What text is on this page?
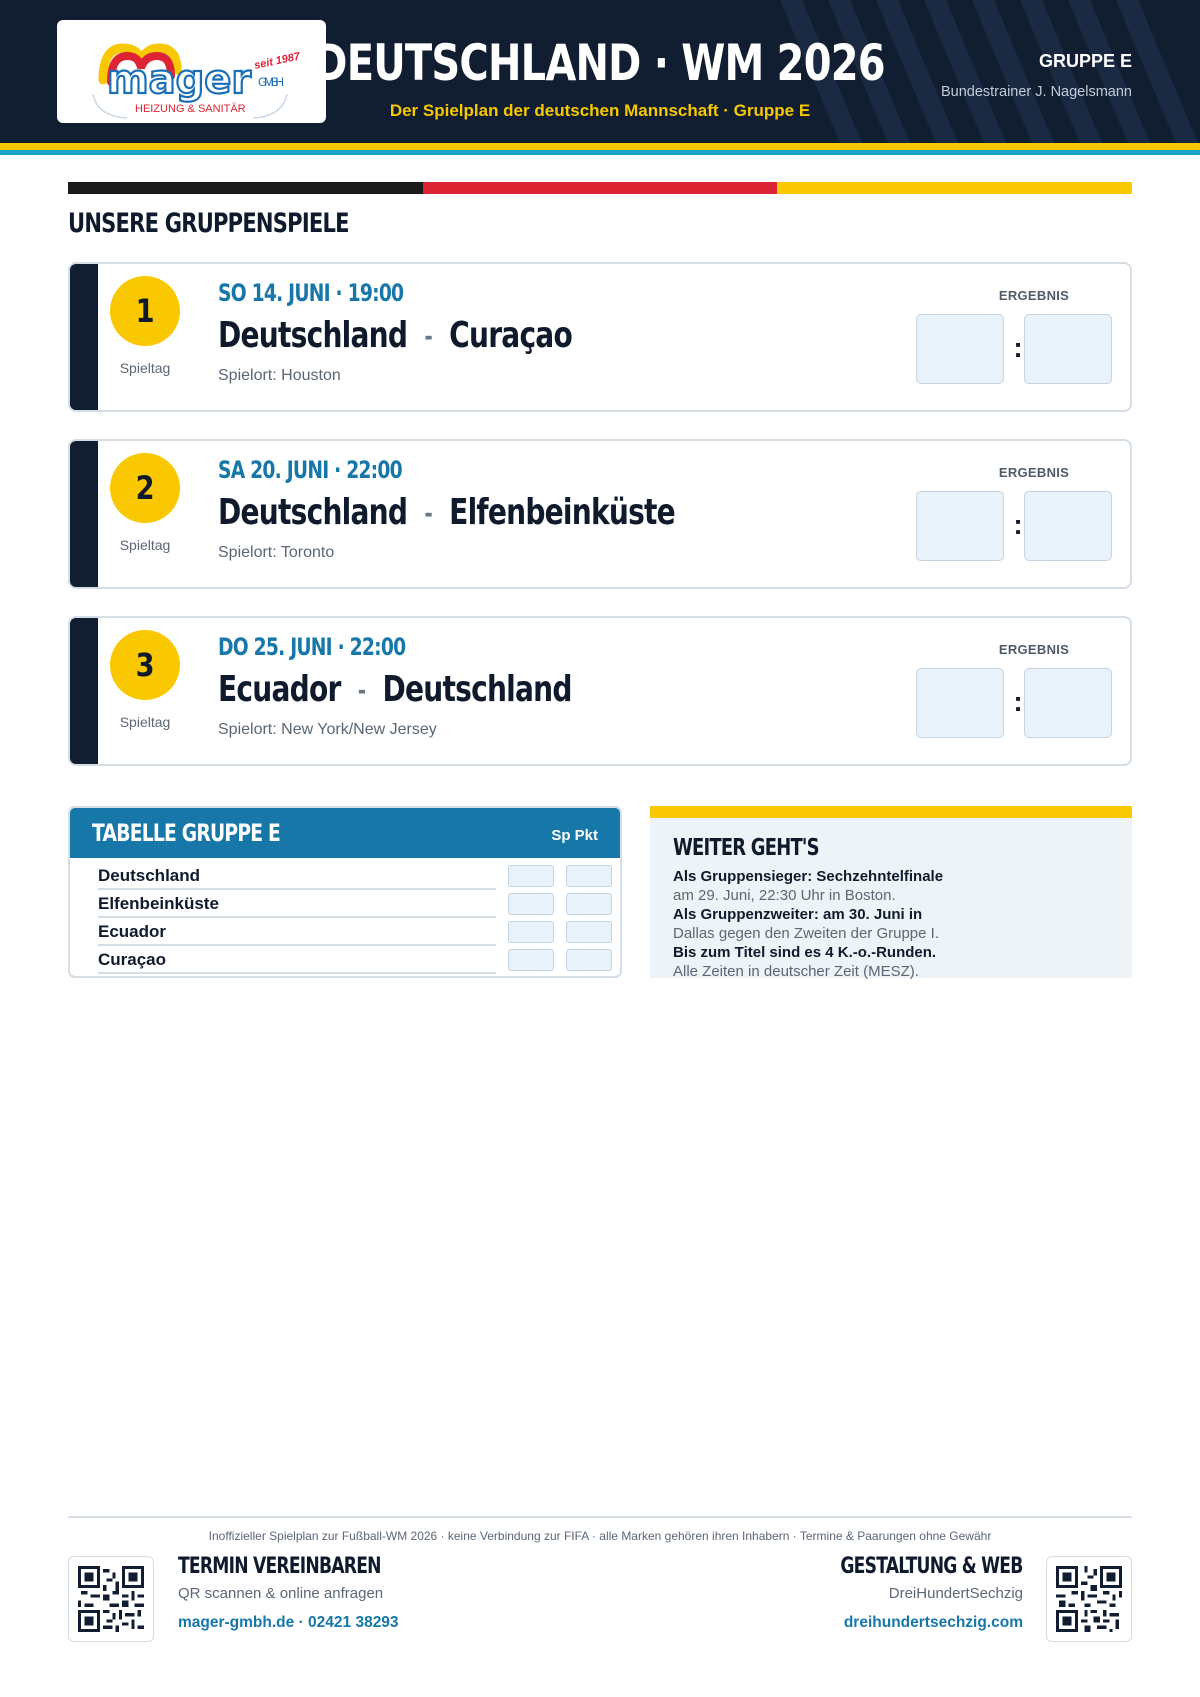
mager seit 1987
GMBH
HEIZUNG & SANITÄR
DEUTSCHLAND · WM 2026
Der Spielplan der deutschen Mannschaft · Gruppe E
GRUPPE E
Bundestrainer J. Nagelsmann
UNSERE GRUPPENSPIELE
1
Spieltag
SO 14. JUNI · 19:00
Deutschland - Curaçao
Spielort: Houston
ERGEBNIS
:
2
Spieltag
SA 20. JUNI · 22:00
Deutschland - Elfenbeinküste
Spielort: Toronto
ERGEBNIS
:
3
Spieltag
DO 25. JUNI · 22:00
Ecuador - Deutschland
Spielort: New York/New Jersey
ERGEBNIS
:
TABELLE GRUPPE E	Sp Pkt
Deutschland
Elfenbeinküste
Ecuador
Curaçao
WEITER GEHT'S
Als Gruppensieger: Sechzehntelfinale
am 29. Juni, 22:30 Uhr in Boston.
Als Gruppenzweiter: am 30. Juni in
Dallas gegen den Zweiten der Gruppe I.
Bis zum Titel sind es 4 K.-o.-Runden.
Alle Zeiten in deutscher Zeit (MESZ).
Inoffizieller Spielplan zur Fußball-WM 2026 · keine Verbindung zur FIFA · alle Marken gehören ihren Inhabern · Termine & Paarungen ohne Gewähr
TERMIN VEREINBAREN
QR scannen & online anfragen
mager-gmbh.de · 02421 38293
GESTALTUNG & WEB
DreiHundertSechzig
dreihundertsechzig.com
